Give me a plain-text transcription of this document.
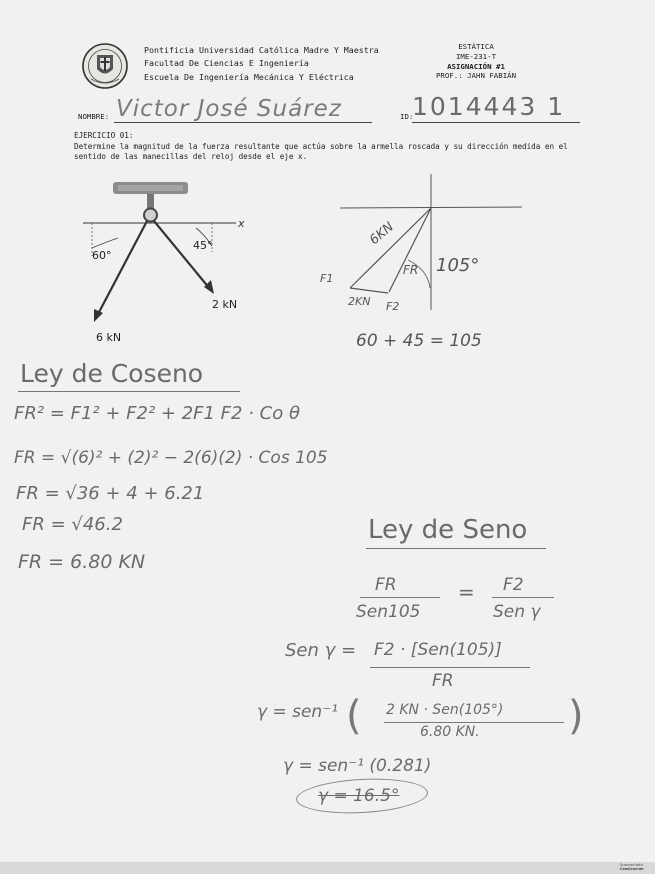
Pontificia Universidad Católica Madre Y Maestra
Facultad De Ciencias E Ingeniería
Escuela De Ingeniería Mecánica Y Eléctrica
ESTÁTICA
IME-231-T
ASIGNACIÓN #1
PROF.: JAHN FABIÁN
NOMBRE: Victor José Suárez	ID:
1014443 1
EJERCICIO 01:
Determine la magnitud de la fuerza resultante que actúa sobre la armella roscada y su dirección medida en el sentido de las manecillas del reloj desde el eje x.
x
60°
45°
2 kN
6 kN
6KN
FR 105°
F1
2KN F2
60 + 45 = 105
Ley de Coseno
FR² = F1² + F2² + 2F1 F2 · Co θ
FR = √(6)² + (2)² − 2(6)(2) · Cos 105
FR = √36 + 4 + 6.21
FR = √46.2
FR = 6.80 KN
Ley de Seno
FR
Sen105
= F2
Sen γ
Sen γ = F2 · [Sen(105)]
FR
γ = sen⁻¹ ( 2 KN · Sen(105°)
6.80 KN. )
γ = sen⁻¹ (0.281)
γ = 16.5°
Scanned with
CamScanner
